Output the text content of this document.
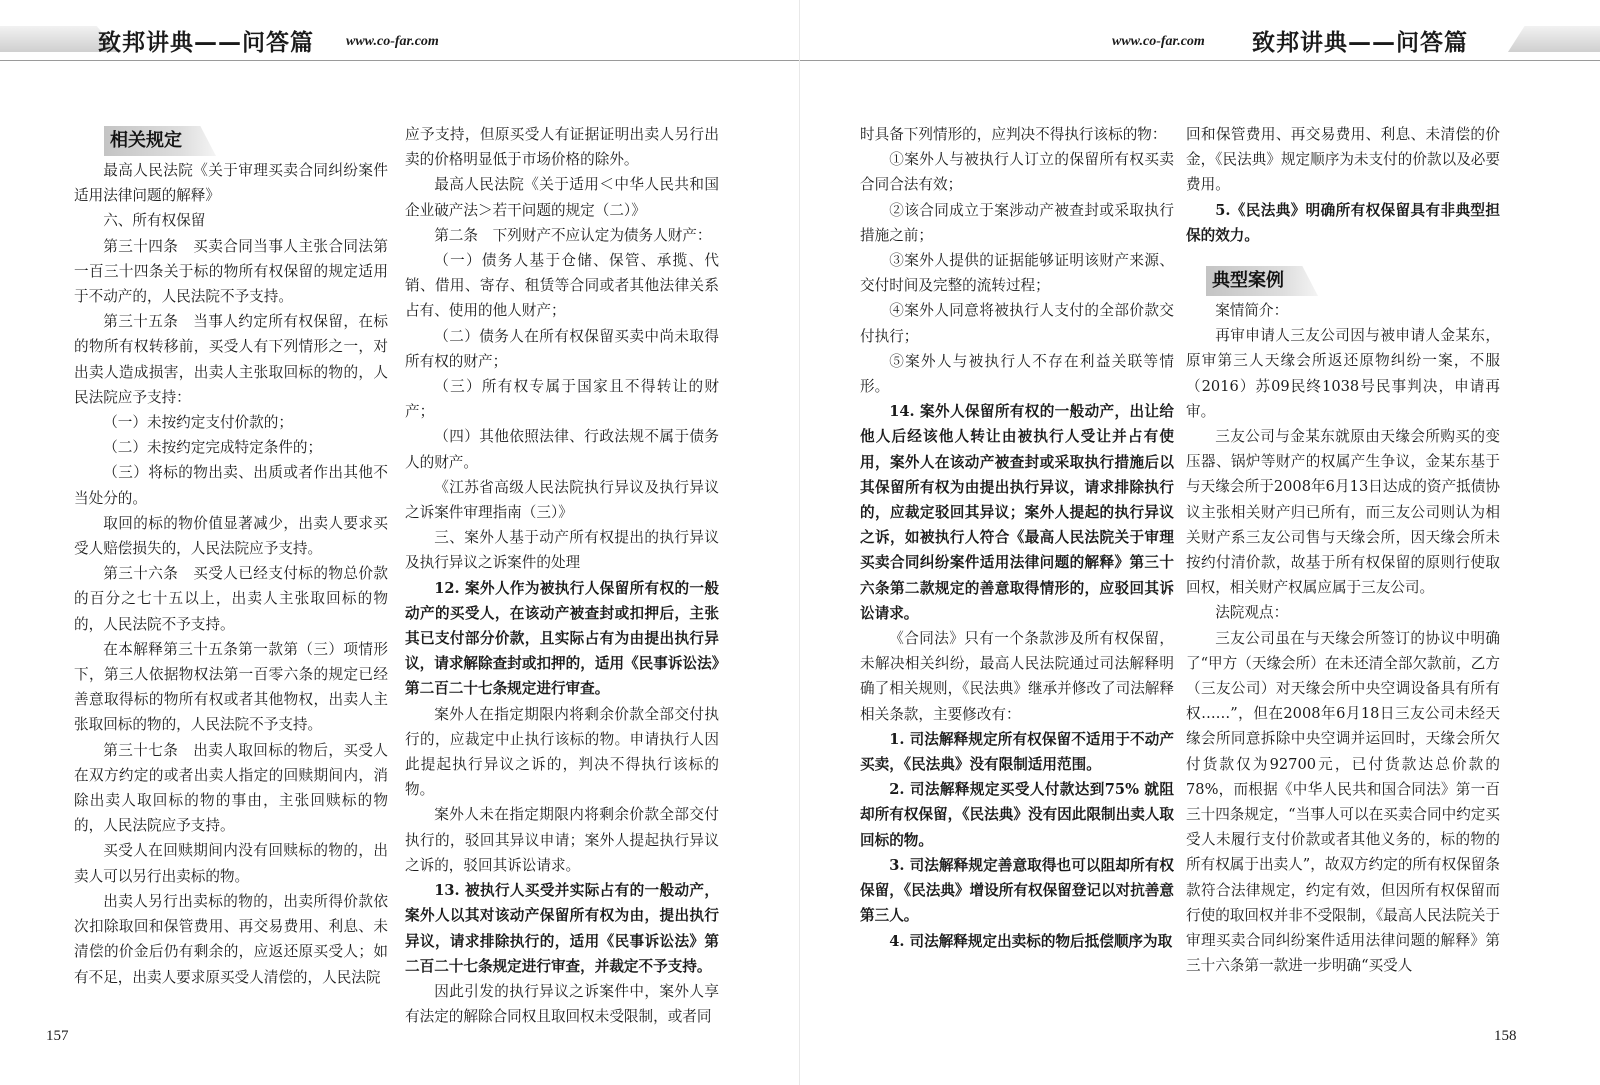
致邦讲典——问答篇 www.co-far.com
相关规定

最高人民法院《关于审理买卖合同纠纷案件适用法律问题的解释》

六、所有权保留

第三十四条　买卖合同当事人主张合同法第一百三十四条关于标的物所有权保留的规定适用于不动产的，人民法院不予支持。

第三十五条　当事人约定所有权保留，在标的物所有权转移前，买受人有下列情形之一，对出卖人造成损害，出卖人主张取回标的物的，人民法院应予支持：

（一）未按约定支付价款的；

（二）未按约定完成特定条件的；

（三）将标的物出卖、出质或者作出其他不当处分的。

取回的标的物价值显著减少，出卖人要求买受人赔偿损失的，人民法院应予支持。

第三十六条　买受人已经支付标的物总价款的百分之七十五以上，出卖人主张取回标的物的，人民法院不予支持。

在本解释第三十五条第一款第（三）项情形下，第三人依据物权法第一百零六条的规定已经善意取得标的物所有权或者其他物权，出卖人主张取回标的物的，人民法院不予支持。

第三十七条　出卖人取回标的物后，买受人在双方约定的或者出卖人指定的回赎期间内，消除出卖人取回标的物的事由，主张回赎标的物的，人民法院应予支持。

买受人在回赎期间内没有回赎标的物的，出卖人可以另行出卖标的物。

出卖人另行出卖标的物的，出卖所得价款依次扣除取回和保管费用、再交易费用、利息、未清偿的价金后仍有剩余的，应返还原买受人；如有不足，出卖人要求原买受人清偿的，人民法院

应予支持，但原买受人有证据证明出卖人另行出卖的价格明显低于市场价格的除外。

最高人民法院《关于适用＜中华人民共和国企业破产法＞若干问题的规定（二）》

第二条　下列财产不应认定为债务人财产：

（一）债务人基于仓储、保管、承揽、代销、借用、寄存、租赁等合同或者其他法律关系占有、使用的他人财产；

（二）债务人在所有权保留买卖中尚未取得所有权的财产；

（三）所有权专属于国家且不得转让的财产；

（四）其他依照法律、行政法规不属于债务人的财产。

《江苏省高级人民法院执行异议及执行异议之诉案件审理指南（三）》

三、案外人基于动产所有权提出的执行异议及执行异议之诉案件的处理

12. 案外人作为被执行人保留所有权的一般动产的买受人，在该动产被查封或扣押后，主张其已支付部分价款，且实际占有为由提出执行异议，请求解除查封或扣押的，适用《民事诉讼法》第二百二十七条规定进行审查。

案外人在指定期限内将剩余价款全部交付执行的，应裁定中止执行该标的物。申请执行人因此提起执行异议之诉的，判决不得执行该标的物。

案外人未在指定期限内将剩余价款全部交付执行的，驳回其异议申请；案外人提起执行异议之诉的，驳回其诉讼请求。

13. 被执行人买受并实际占有的一般动产，案外人以其对该动产保留所有权为由，提出执行异议，请求排除执行的，适用《民事诉讼法》第二百二十七条规定进行审查，并裁定不予支持。

因此引发的执行异议之诉案件中，案外人享有法定的解除合同权且取回权未受限制，或者同

157
www.co-far.com 致邦讲典——问答篇

时具备下列情形的，应判决不得执行该标的物：

①案外人与被执行人订立的保留所有权买卖合同合法有效；

②该合同成立于案涉动产被查封或采取执行措施之前；

③案外人提供的证据能够证明该财产来源、交付时间及完整的流转过程；

④案外人同意将被执行人支付的全部价款交付执行；

⑤案外人与被执行人不存在利益关联等情形。

14. 案外人保留所有权的一般动产，出让给他人后经该他人转让由被执行人受让并占有使用，案外人在该动产被查封或采取执行措施后以其保留所有权为由提出执行异议，请求排除执行的，应裁定驳回其异议；案外人提起的执行异议之诉，如被执行人符合《最高人民法院关于审理买卖合同纠纷案件适用法律问题的解释》第三十六条第二款规定的善意取得情形的，应驳回其诉讼请求。

《合同法》只有一个条款涉及所有权保留，未解决相关纠纷，最高人民法院通过司法解释明确了相关规则，《民法典》继承并修改了司法解释相关条款，主要修改有：

1. 司法解释规定所有权保留不适用于不动产买卖，《民法典》没有限制适用范围。

2. 司法解释规定买受人付款达到75% 就阻却所有权保留，《民法典》没有因此限制出卖人取回标的物。

3. 司法解释规定善意取得也可以阻却所有权保留，《民法典》增设所有权保留登记以对抗善意第三人。

4. 司法解释规定出卖标的物后抵偿顺序为取

回和保管费用、再交易费用、利息、未清偿的价金，《民法典》规定顺序为未支付的价款以及必要费用。

5.《民法典》明确所有权保留具有非典型担保的效力。

典型案例

案情简介：

再审申请人三友公司因与被申请人金某东，原审第三人天缘会所返还原物纠纷一案，不服（2016）苏09民终1038号民事判决，申请再审。

三友公司与金某东就原由天缘会所购买的变压器、锅炉等财产的权属产生争议，金某东基于与天缘会所于2008年6月13日达成的资产抵债协议主张相关财产归已所有，而三友公司则认为相关财产系三友公司售与天缘会所，因天缘会所未按约付清价款，故基于所有权保留的原则行使取回权，相关财产权属应属于三友公司。

法院观点：

三友公司虽在与天缘会所签订的协议中明确了“甲方（天缘会所）在未还清全部欠款前，乙方（三友公司）对天缘会所中央空调设备具有所有权……”，但在2008年6月18日三友公司未经天缘会所同意拆除中央空调并运回时，天缘会所欠付货款仅为92700元，已付货款达总价款的78%，而根据《中华人民共和国合同法》第一百三十四条规定，“当事人可以在买卖合同中约定买受人未履行支付价款或者其他义务的，标的物的所有权属于出卖人”，故双方约定的所有权保留条款符合法律规定，约定有效，但因所有权保留而行使的取回权并非不受限制，《最高人民法院关于审理买卖合同纠纷案件适用法律问题的解释》第三十六条第一款进一步明确“买受人

158
